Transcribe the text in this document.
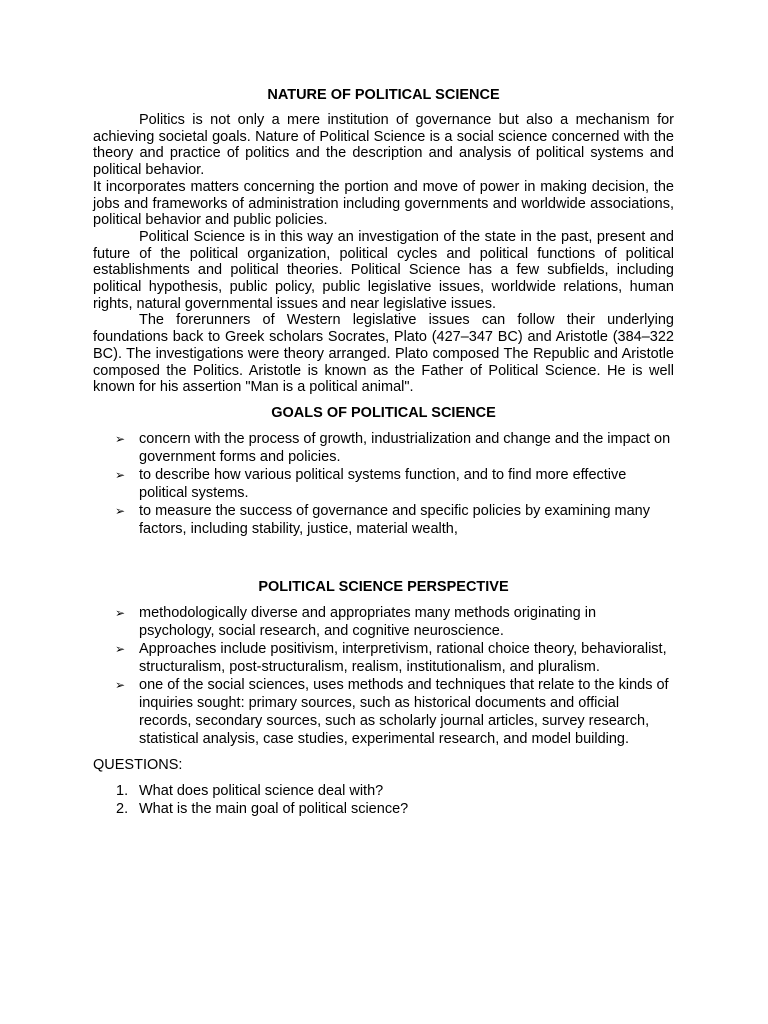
NATURE OF POLITICAL SCIENCE

Politics is not only a mere institution of governance but also a mechanism for achieving societal goals. Nature of Political Science is a social science concerned with the theory and practice of politics and the description and analysis of political systems and political behavior.

It incorporates matters concerning the portion and move of power in making decision, the jobs and frameworks of administration including governments and worldwide associations, political behavior and public policies.

Political Science is in this way an investigation of the state in the past, present and future of the political organization, political cycles and political functions of political establishments and political theories. Political Science has a few subfields, including political hypothesis, public policy, public legislative issues, worldwide relations, human rights, natural governmental issues and near legislative issues.

The forerunners of Western legislative issues can follow their underlying foundations back to Greek scholars Socrates, Plato (427–347 BC) and Aristotle (384–322 BC). The investigations were theory arranged. Plato composed The Republic and Aristotle composed the Politics. Aristotle is known as the Father of Political Science. He is well known for his assertion "Man is a political animal".

GOALS OF POLITICAL SCIENCE
➢ concern with the process of growth, industrialization and change and the impact on government forms and policies.
➢ to describe how various political systems function, and to find more effective political systems.
➢ to measure the success of governance and specific policies by examining many factors, including stability, justice, material wealth,
POLITICAL SCIENCE PERSPECTIVE
➢ methodologically diverse and appropriates many methods originating in psychology, social research, and cognitive neuroscience.
➢ Approaches include positivism, interpretivism, rational choice theory, behavioralist, structuralism, post-structuralism, realism, institutionalism, and pluralism.
➢ one of the social sciences, uses methods and techniques that relate to the kinds of inquiries sought: primary sources, such as historical documents and official records, secondary sources, such as scholarly journal articles, survey research, statistical analysis, case studies, experimental research, and model building.
QUESTIONS:
1. What does political science deal with?
2. What is the main goal of political science?
